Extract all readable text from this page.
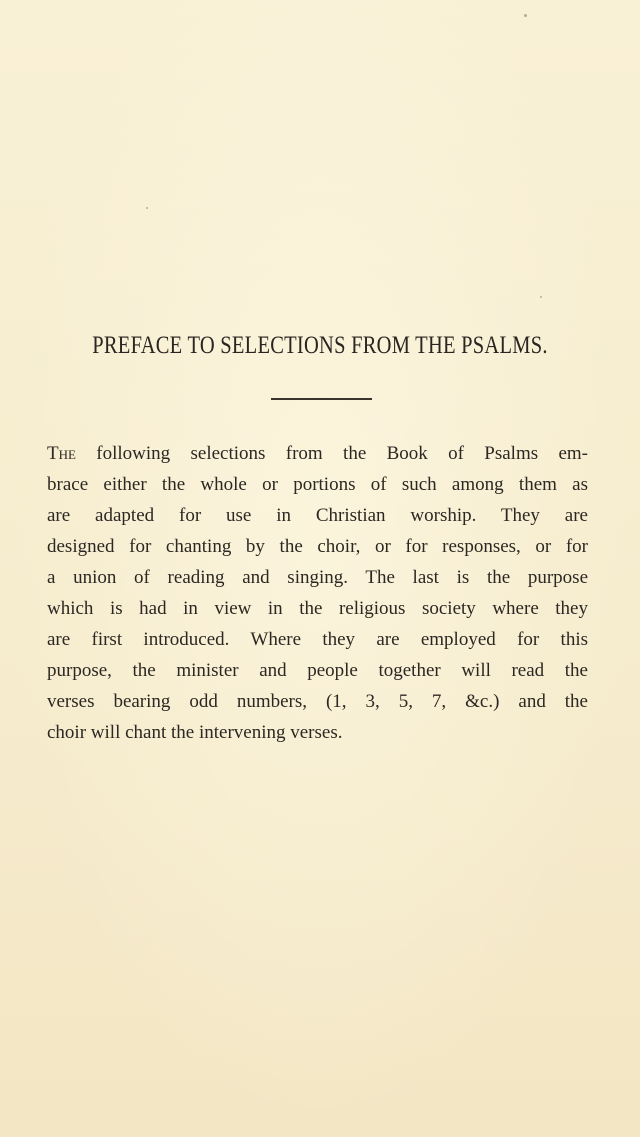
PREFACE TO SELECTIONS FROM THE PSALMS.
The following selections from the Book of Psalms em-
brace either the whole or portions of such among them as
are adapted for use in Christian worship. They are
designed for chanting by the choir, or for responses, or for
a union of reading and singing. The last is the purpose
which is had in view in the religious society where they
are first introduced. Where they are employed for this
purpose, the minister and people together will read the
verses bearing odd numbers, (1, 3, 5, 7, &c.) and the
choir will chant the intervening verses.
